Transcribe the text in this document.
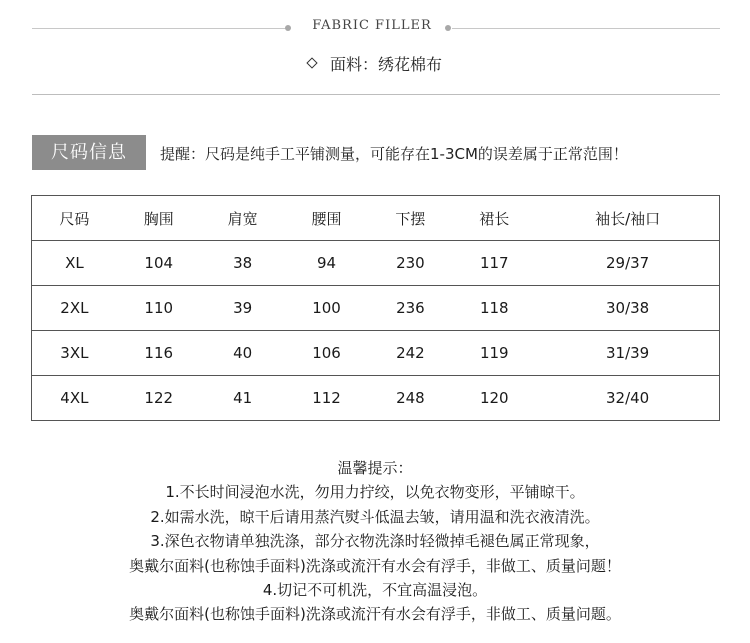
FABRIC FILLER
面料：绣花棉布
尺码信息	提醒：尺码是纯手工平铺测量，可能存在1-3CM的误差属于正常范围！
尺码	胸围	肩宽	腰围	下摆	裙长	袖长/袖口
XL	104	38	94	230	117	29/37
2XL	110	39	100	236	118	30/38
3XL	116	40	106	242	119	31/39
4XL	122	41	112	248	120	32/40
温馨提示：
1.不长时间浸泡水洗，勿用力拧绞，以免衣物变形，平铺晾干。
2.如需水洗，晾干后请用蒸汽熨斗低温去皱，请用温和洗衣液清洗。
3.深色衣物请单独洗涤，部分衣物洗涤时轻微掉毛褪色属正常现象，
奥戴尔面料(也称蚀手面料)洗涤或流汗有水会有浮手，非做工、质量问题！
4.切记不可机洗，不宜高温浸泡。
奥戴尔面料(也称蚀手面料)洗涤或流汗有水会有浮手，非做工、质量问题。
